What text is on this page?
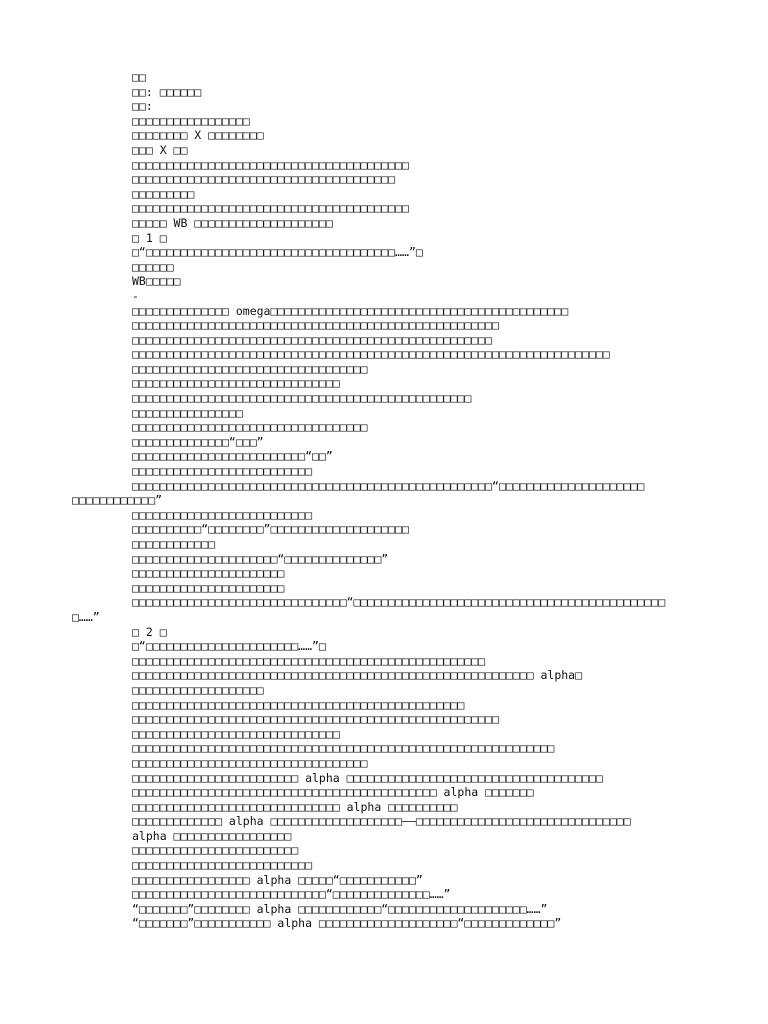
□□
□□: □□□□□□
□□:
□□□□□□□□□□□□□□□□□
□□□□□□□□ X □□□□□□□□
□□□ X □□
□□□□□□□□□□□□□□□□□□□□□□□□□□□□□□□□□□□□□□□□
□□□□□□□□□□□□□□□□□□□□□□□□□□□□□□□□□□□□□□
□□□□□□□□□
□□□□□□□□□□□□□□□□□□□□□□□□□□□□□□□□□□□□□□□□
□□□□□ WB □□□□□□□□□□□□□□□□□□□□
□ 1 □
□“□□□□□□□□□□□□□□□□□□□□□□□□□□□□□□□□□□□□……”□
□□□□□□
WB□□□□□
-
□□□□□□□□□□□□□□ omega□□□□□□□□□□□□□□□□□□□□□□□□□□□□□□□□□□□□□□□□□□□
□□□□□□□□□□□□□□□□□□□□□□□□□□□□□□□□□□□□□□□□□□□□□□□□□□□□□
□□□□□□□□□□□□□□□□□□□□□□□□□□□□□□□□□□□□□□□□□□□□□□□□□□□□
□□□□□□□□□□□□□□□□□□□□□□□□□□□□□□□□□□□□□□□□□□□□□□□□□□□□□□□□□□□□□□□□□□□□□
□□□□□□□□□□□□□□□□□□□□□□□□□□□□□□□□□□
□□□□□□□□□□□□□□□□□□□□□□□□□□□□□□
□□□□□□□□□□□□□□□□□□□□□□□□□□□□□□□□□□□□□□□□□□□□□□□□□
□□□□□□□□□□□□□□□□
□□□□□□□□□□□□□□□□□□□□□□□□□□□□□□□□□□
□□□□□□□□□□□□□□“□□□”
□□□□□□□□□□□□□□□□□□□□□□□□□“□□”
□□□□□□□□□□□□□□□□□□□□□□□□□□
□□□□□□□□□□□□□□□□□□□□□□□□□□□□□□□□□□□□□□□□□□□□□□□□□□□□“□□□□□□□□□□□□□□□□□□□□□
□□□□□□□□□□□□”
□□□□□□□□□□□□□□□□□□□□□□□□□□
□□□□□□□□□□“□□□□□□□□”□□□□□□□□□□□□□□□□□□□□
□□□□□□□□□□□□
□□□□□□□□□□□□□□□□□□□□□“□□□□□□□□□□□□□□”
□□□□□□□□□□□□□□□□□□□□□□
□□□□□□□□□□□□□□□□□□□□□□
□□□□□□□□□□□□□□□□□□□□□□□□□□□□□□□“□□□□□□□□□□□□□□□□□□□□□□□□□□□□□□□□□□□□□□□□□□□□□
□……”
□ 2 □
□“□□□□□□□□□□□□□□□□□□□□□□……”□
□□□□□□□□□□□□□□□□□□□□□□□□□□□□□□□□□□□□□□□□□□□□□□□□□□□
□□□□□□□□□□□□□□□□□□□□□□□□□□□□□□□□□□□□□□□□□□□□□□□□□□□□□□□□□□ alpha□
□□□□□□□□□□□□□□□□□□□
□□□□□□□□□□□□□□□□□□□□□□□□□□□□□□□□□□□□□□□□□□□□□□□□
□□□□□□□□□□□□□□□□□□□□□□□□□□□□□□□□□□□□□□□□□□□□□□□□□□□□□
□□□□□□□□□□□□□□□□□□□□□□□□□□□□□□
□□□□□□□□□□□□□□□□□□□□□□□□□□□□□□□□□□□□□□□□□□□□□□□□□□□□□□□□□□□□□
□□□□□□□□□□□□□□□□□□□□□□□□□□□□□□□□□□
□□□□□□□□□□□□□□□□□□□□□□□□ alpha □□□□□□□□□□□□□□□□□□□□□□□□□□□□□□□□□□□□□
□□□□□□□□□□□□□□□□□□□□□□□□□□□□□□□□□□□□□□□□□□□□ alpha □□□□□□□
□□□□□□□□□□□□□□□□□□□□□□□□□□□□□□ alpha □□□□□□□□□□
□□□□□□□□□□□□□ alpha □□□□□□□□□□□□□□□□□□□——□□□□□□□□□□□□□□□□□□□□□□□□□□□□□□□
alpha □□□□□□□□□□□□□□□□□
□□□□□□□□□□□□□□□□□□□□□□□□
□□□□□□□□□□□□□□□□□□□□□□□□□□
□□□□□□□□□□□□□□□□□ alpha □□□□□“□□□□□□□□□□□”
□□□□□□□□□□□□□□□□□□□□□□□□□□□□“□□□□□□□□□□□□□□……”
“□□□□□□□”□□□□□□□□ alpha □□□□□□□□□□□□“□□□□□□□□□□□□□□□□□□□□……”
“□□□□□□□”□□□□□□□□□□□ alpha □□□□□□□□□□□□□□□□□□□□“□□□□□□□□□□□□□”
